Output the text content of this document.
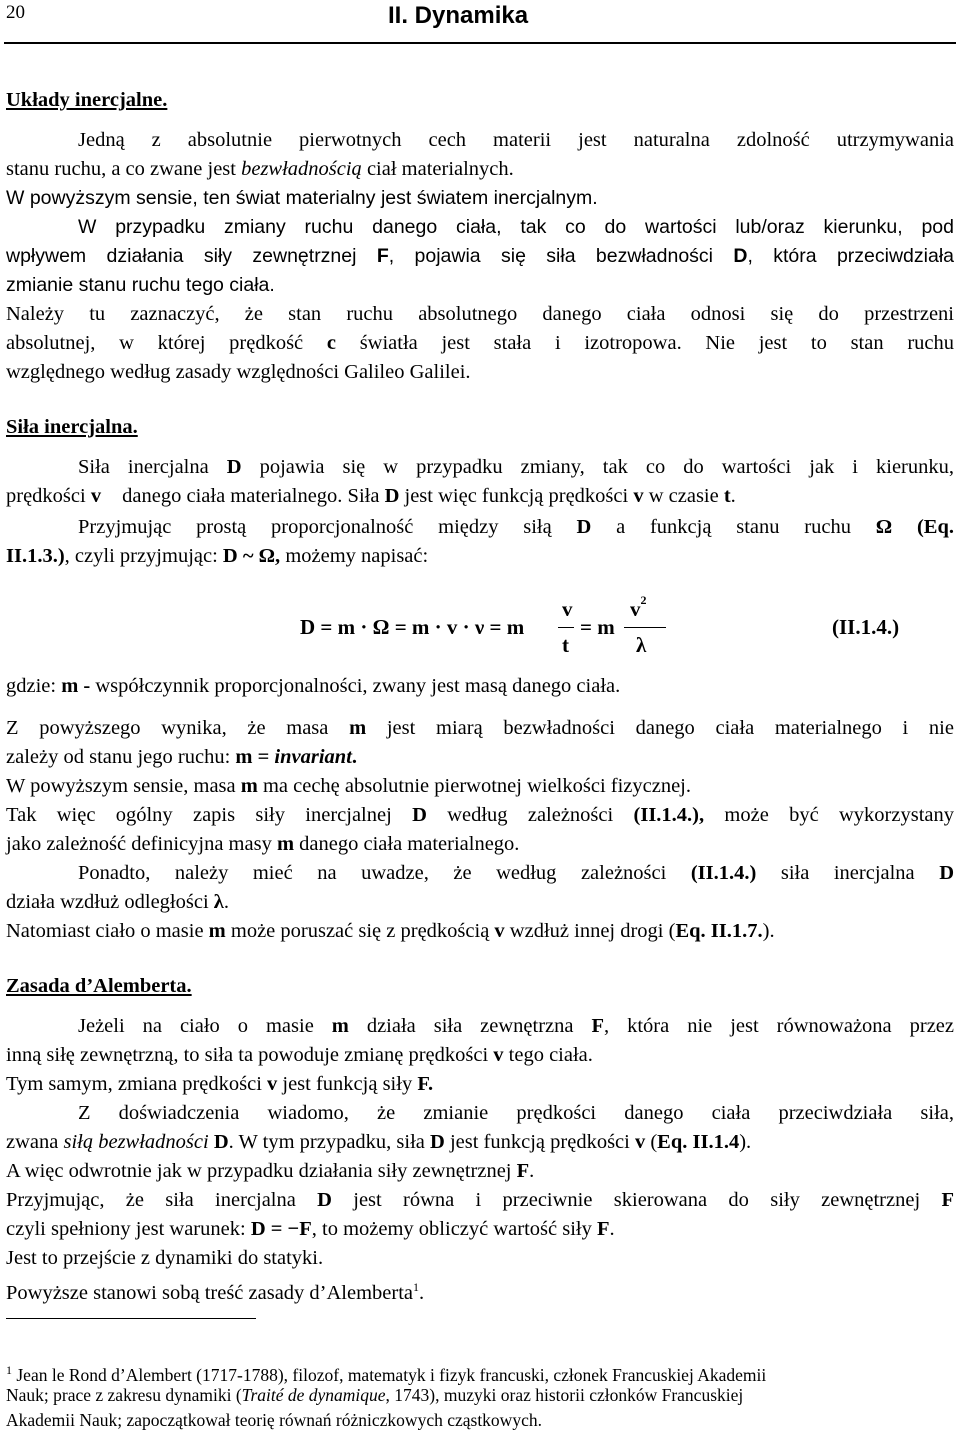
20	II. Dynamika
Układy inercjalne.
Jedną z absolutnie pierwotnych cech materii jest naturalna zdolność utrzymywania
stanu ruchu, a co zwane jest bezwładnością ciał materialnych.
W powyższym sensie, ten świat materialny jest światem inercjalnym.
W przypadku zmiany ruchu danego ciała, tak co do wartości lub/oraz kierunku, pod
wpływem działania siły zewnętrznej F, pojawia się siła bezwładności D, która przeciwdziała
zmianie stanu ruchu tego ciała.
Należy tu zaznaczyć, że stan ruchu absolutnego danego ciała odnosi się do przestrzeni
absolutnej, w której prędkość c światła jest stała i izotropowa. Nie jest to stan ruchu
względnego według zasady względności Galileo Galilei.
Siła inercjalna.
Siła inercjalna D pojawia się w przypadku zmiany, tak co do wartości jak i kierunku,
prędkości v⃗ danego ciała materialnego. Siła D jest więc funkcją prędkości v w czasie t.
Przyjmując prostą proporcjonalność między siłą D a funkcją stanu ruchu Ω (Eq.
II.1.3.), czyli przyjmując: D ~ Ω, możemy napisać:
D = m · Ω = m · v · ν = m
v
t
= m
$v^2$
λ
(II.1.4.)
gdzie: m - współczynnik proporcjonalności, zwany jest masą danego ciała.
Z powyższego wynika, że masa m jest miarą bezwładności danego ciała materialnego i nie
zależy od stanu jego ruchu: m = invariant.
W powyższym sensie, masa m ma cechę absolutnie pierwotnej wielkości fizycznej.
Tak więc ogólny zapis siły inercjalnej D według zależności (II.1.4.), może być wykorzystany
jako zależność definicyjna masy m danego ciała materialnego.
Ponadto, należy mieć na uwadze, że według zależności (II.1.4.) siła inercjalna D
działa wzdłuż odległości λ.
Natomiast ciało o masie m może poruszać się z prędkością v wzdłuż innej drogi (Eq. II.1.7.).
Zasada d’Alemberta.
Jeżeli na ciało o masie m działa siła zewnętrzna F, która nie jest równoważona przez
inną siłę zewnętrzną, to siła ta powoduje zmianę prędkości v tego ciała.
Tym samym, zmiana prędkości v jest funkcją siły F.
Z doświadczenia wiadomo, że zmianie prędkości danego ciała przeciwdziała siła,
zwana siłą bezwładności D. W tym przypadku, siła D jest funkcją prędkości v (Eq. II.1.4).
A więc odwrotnie jak w przypadku działania siły zewnętrznej F.
Przyjmując, że siła inercjalna D jest równa i przeciwnie skierowana do siły zewnętrznej F
czyli spełniony jest warunek: D = −F, to możemy obliczyć wartość siły F.
Jest to przejście z dynamiki do statyki.
Powyższe stanowi sobą treść zasady d’Alemberta$^1$.
$^1$ Jean le Rond d’Alembert (1717-1788), filozof, matematyk i fizyk francuski, członek Francuskiej Akademii
Nauk; prace z zakresu dynamiki (Traité de dynamique, 1743), muzyki oraz historii członków Francuskiej
Akademii Nauk; zapoczątkował teorię równań różniczkowych cząstkowych.
